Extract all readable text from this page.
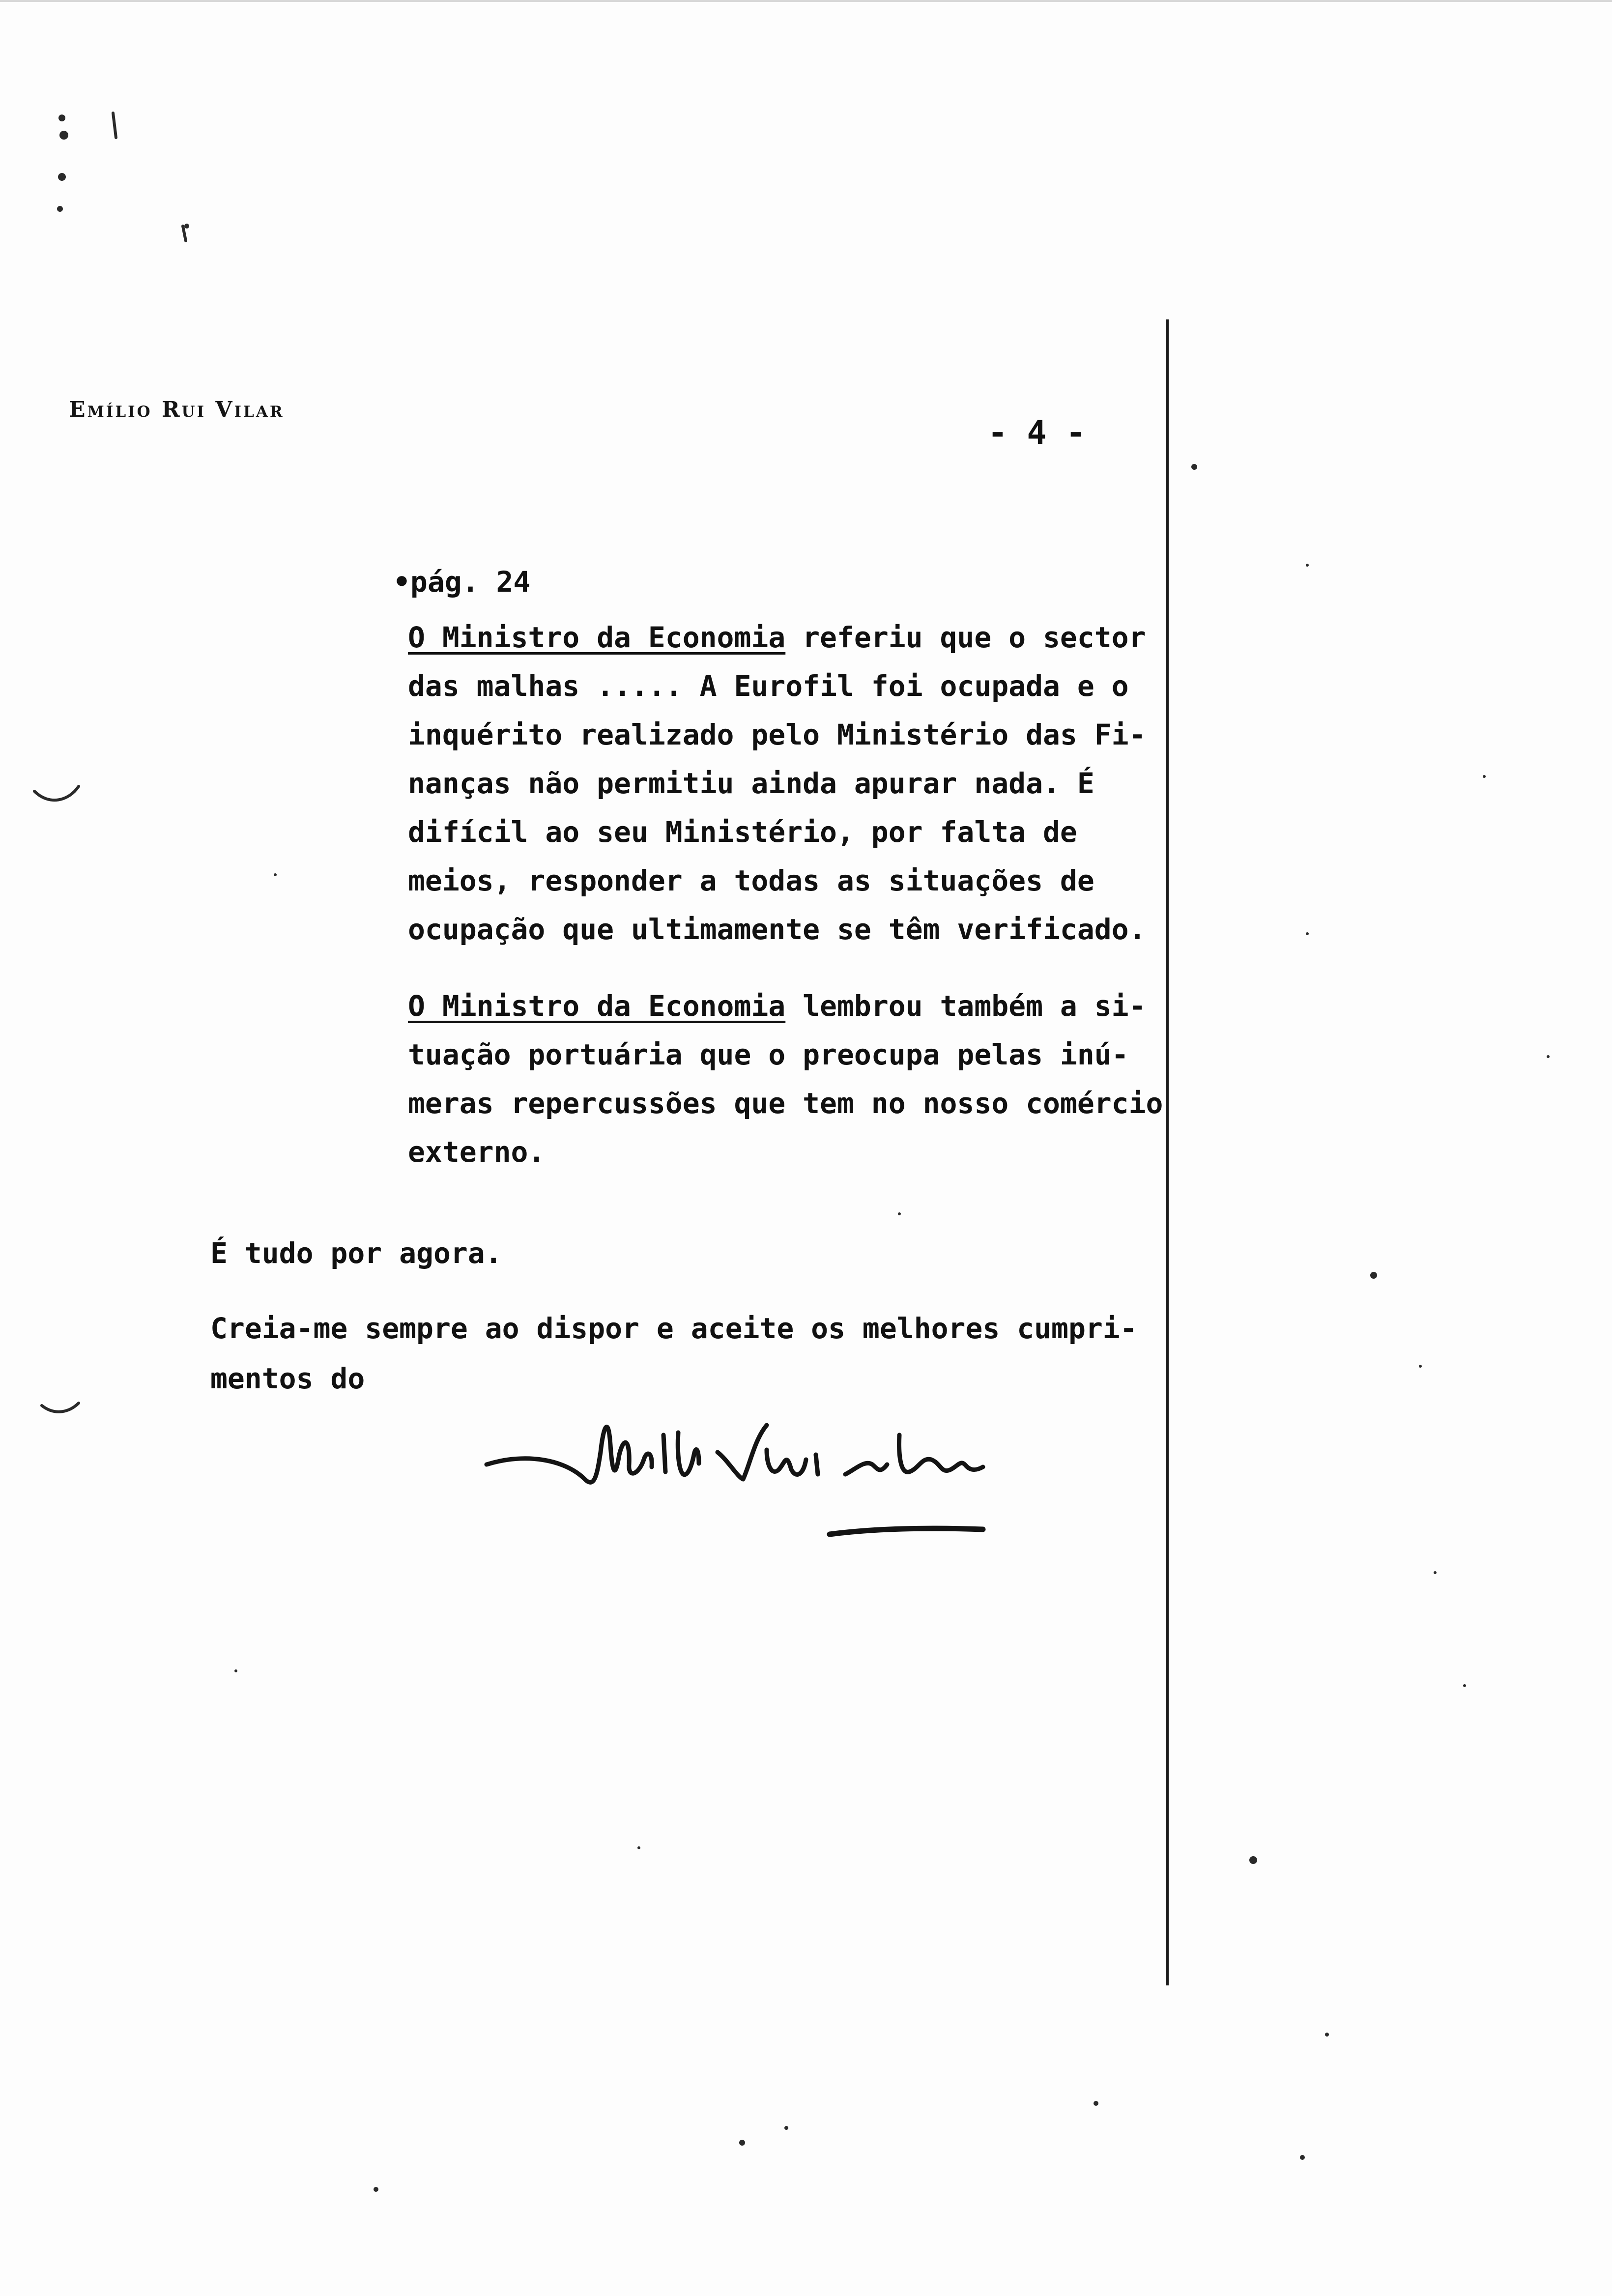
Emílio Rui Vilar
- 4 -
•pág. 24
O Ministro da Economia referiu que o sector
das malhas ..... A Eurofil foi ocupada e o
inquérito realizado pelo Ministério das Fi-
nanças não permitiu ainda apurar nada. É
difícil ao seu Ministério, por falta de
meios, responder a todas as situações de
ocupação que ultimamente se têm verificado.
O Ministro da Economia lembrou também a si-
tuação portuária que o preocupa pelas inú-
meras repercussões que tem no nosso comércio
externo.
É tudo por agora.
Creia-me sempre ao dispor e aceite os melhores cumpri-
mentos do
